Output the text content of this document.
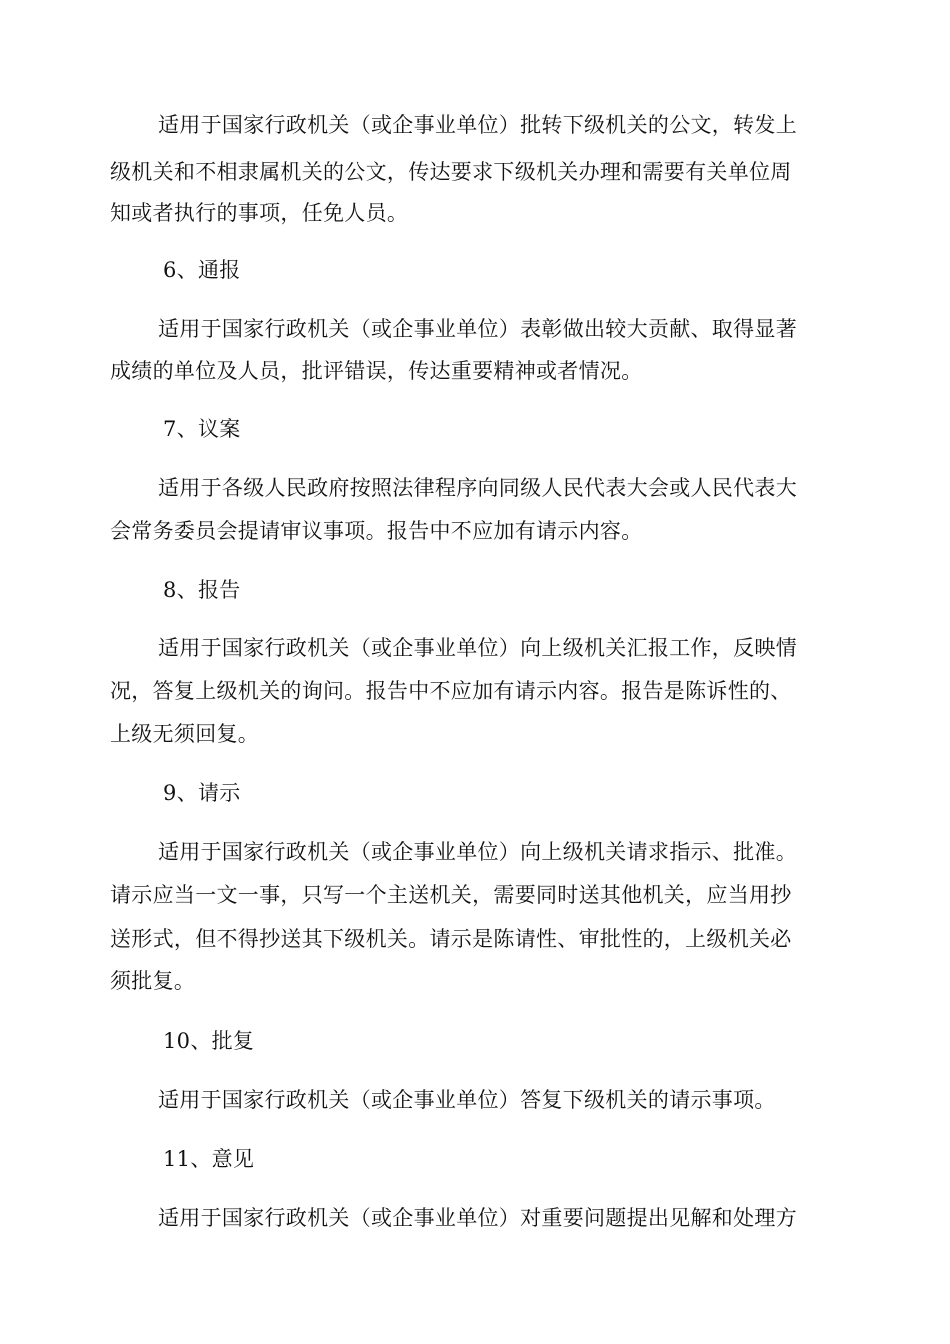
适用于国家行政机关（或企事业单位）批转下级机关的公文，转发上
级机关和不相隶属机关的公文，传达要求下级机关办理和需要有关单位周
知或者执行的事项，任免人员。
6、通报
适用于国家行政机关（或企事业单位）表彰做出较大贡献、取得显著
成绩的单位及人员，批评错误，传达重要精神或者情况。
7、议案
适用于各级人民政府按照法律程序向同级人民代表大会或人民代表大
会常务委员会提请审议事项。报告中不应加有请示内容。
8、报告
适用于国家行政机关（或企事业单位）向上级机关汇报工作，反映情
况，答复上级机关的询问。报告中不应加有请示内容。报告是陈诉性的、
上级无须回复。
9、请示
适用于国家行政机关（或企事业单位）向上级机关请求指示、批准。
请示应当一文一事，只写一个主送机关，需要同时送其他机关，应当用抄
送形式，但不得抄送其下级机关。请示是陈请性、审批性的，上级机关必
须批复。
10、批复
适用于国家行政机关（或企事业单位）答复下级机关的请示事项。
11、意见
适用于国家行政机关（或企事业单位）对重要问题提出见解和处理方
